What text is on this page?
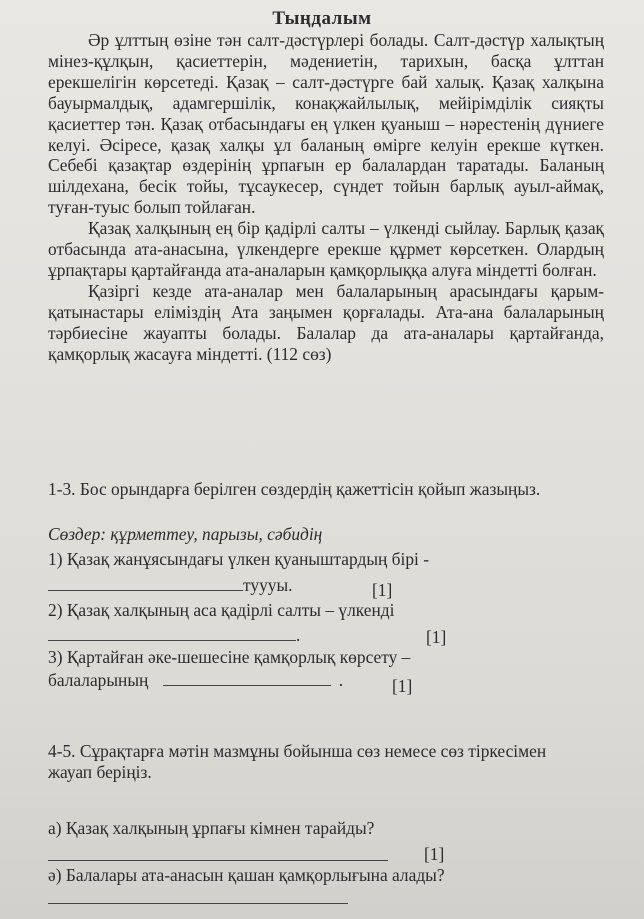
Тыңдалым

Әр ұлттың өзіне тән салт-дәстүрлері болады. Салт-дәстүр халықтың мінез-құлқын, қасиеттерін, мәдениетін, тарихын, басқа ұлттан ерекшелігін көрсетеді. Қазақ – салт-дәстүрге бай халық. Қазақ халқына бауырмалдық, адамгершілік, конақжайлылық, мейірімділік сияқты қасиеттер тән. Қазақ отбасындағы ең үлкен қуаныш – нәрестенің дүниеге келуі. Әсіресе, қазақ халқы ұл баланың өмірге келуін ерекше күткен. Себебі қазақтар өздерінің ұрпағын ер балалардан таратады. Баланың шілдехана, бесік тойы, тұсаукесер, сүндет тойын барлық ауыл-аймақ, туған-туыс болып тойлаған.

Қазақ халқының ең бір қадірлі салты – үлкенді сыйлау. Барлық қазақ отбасында ата-анасына, үлкендерге ерекше құрмет көрсеткен. Олардың ұрпақтары қартайғанда ата-аналарын қамқорлыққа алуға міндетті болған.

Қазіргі кезде ата-аналар мен балаларының арасындағы қарым-қатынастары еліміздің Ата заңымен қорғалады. Ата-ана балаларының тәрбиесіне жауапты болады. Балалар да ата-аналары қартайғанда, қамқорлық жасауға міндетті. (112 сөз)

1-3. Бос орындарға берілген сөздердің қажеттісін қойып жазыңыз.
Сөздер: құрметтеу, парызы, сәбидің
1) Қазақ жанұясындағы үлкен қуаныштардың бірі -
туууы.	[1]
2) Қазақ халқының аса қадірлі салты – үлкенді
.	[1]
3) Қартайған әке-шешесіне қамқорлық көрсету –
балаларының	.	[1]
4-5. Сұрақтарға мәтін мазмұны бойынша сөз немесе сөз тіркесімен жауап беріңіз.
а) Қазақ халқының ұрпағы кімнен тарайды?
[1]
ә) Балалары ата-анасын қашан қамқорлығына алады?
